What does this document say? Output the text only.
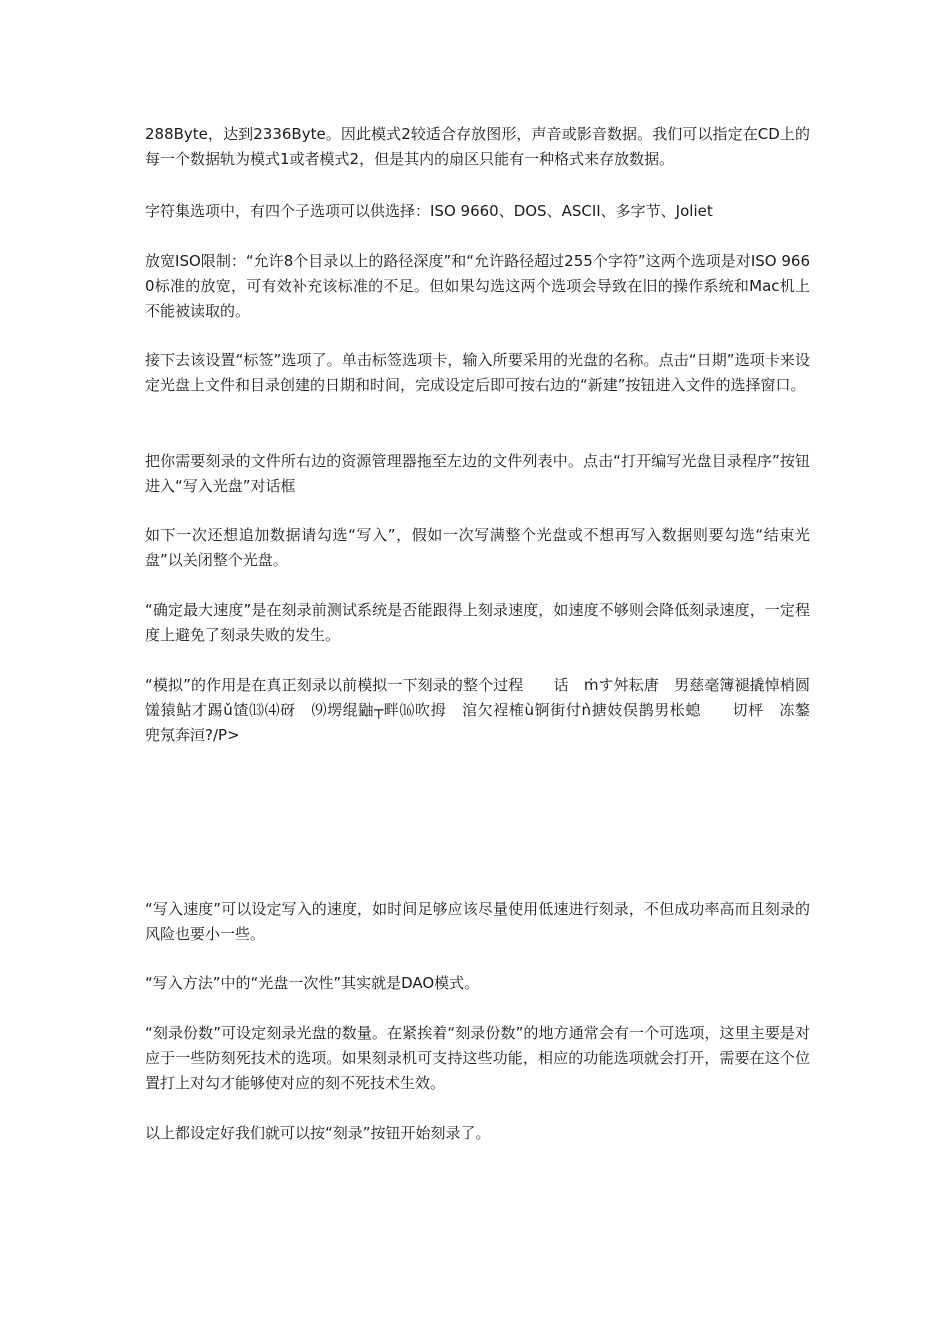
288Byte，达到2336Byte。因此模式2较适合存放图形，声音或影音数据。我们可以指定在CD上的每一个数据轨为模式1或者模式2，但是其内的扇区只能有一种格式来存放数据。

字符集选项中，有四个子选项可以供选择：ISO 9660、DOS、ASCII、多字节、Joliet

放宽ISO限制：“允许8个目录以上的路径深度”和“允许路径超过255个字符”这两个选项是对ISO 9660标准的放宽，可有效补充该标准的不足。但如果勾选这两个选项会导致在旧的操作系统和Mac机上不能被读取的。

接下去该设置“标签”选项了。单击标签选项卡，输入所要采用的光盘的名称。点击“日期”选项卡来设定光盘上文件和目录创建的日期和时间，完成设定后即可按右边的“新建”按钮进入文件的选择窗口。

把你需要刻录的文件所右边的资源管理器拖至左边的文件列表中。点击“打开编写光盘目录程序”按钮进入“写入光盘”对话框

如下一次还想追加数据请勾选“写入”，假如一次写满整个光盘或不想再写入数据则要勾选“结束光盘”以关闭整个光盘。

“确定最大速度”是在刻录前测试系统是否能跟得上刻录速度，如速度不够则会降低刻录速度，一定程度上避免了刻录失败的发生。

“模拟”的作用是在真正刻录以前模拟一下刻录的整个过程　　话　ṁす舛耘唐　男慈毫簿褪撬悼梢圆馐猿鲇才踢ǔ馇⒀⑷砑　⑼塄绲鼬┬畔⒃吹拇　涫欠裎榷ù锕街付ǹ搪妓俣鹊男枨螅　　切枰　冻鏊　兜氖奔洹?/P>

“写入速度”可以设定写入的速度，如时间足够应该尽量使用低速进行刻录，不但成功率高而且刻录的风险也要小一些。

“写入方法”中的“光盘一次性”其实就是DAO模式。

“刻录份数”可设定刻录光盘的数量。在紧挨着“刻录份数”的地方通常会有一个可选项，这里主要是对应于一些防刻死技术的选项。如果刻录机可支持这些功能，相应的功能选项就会打开，需要在这个位置打上对勾才能够使对应的刻不死技术生效。

以上都设定好我们就可以按“刻录”按钮开始刻录了。
